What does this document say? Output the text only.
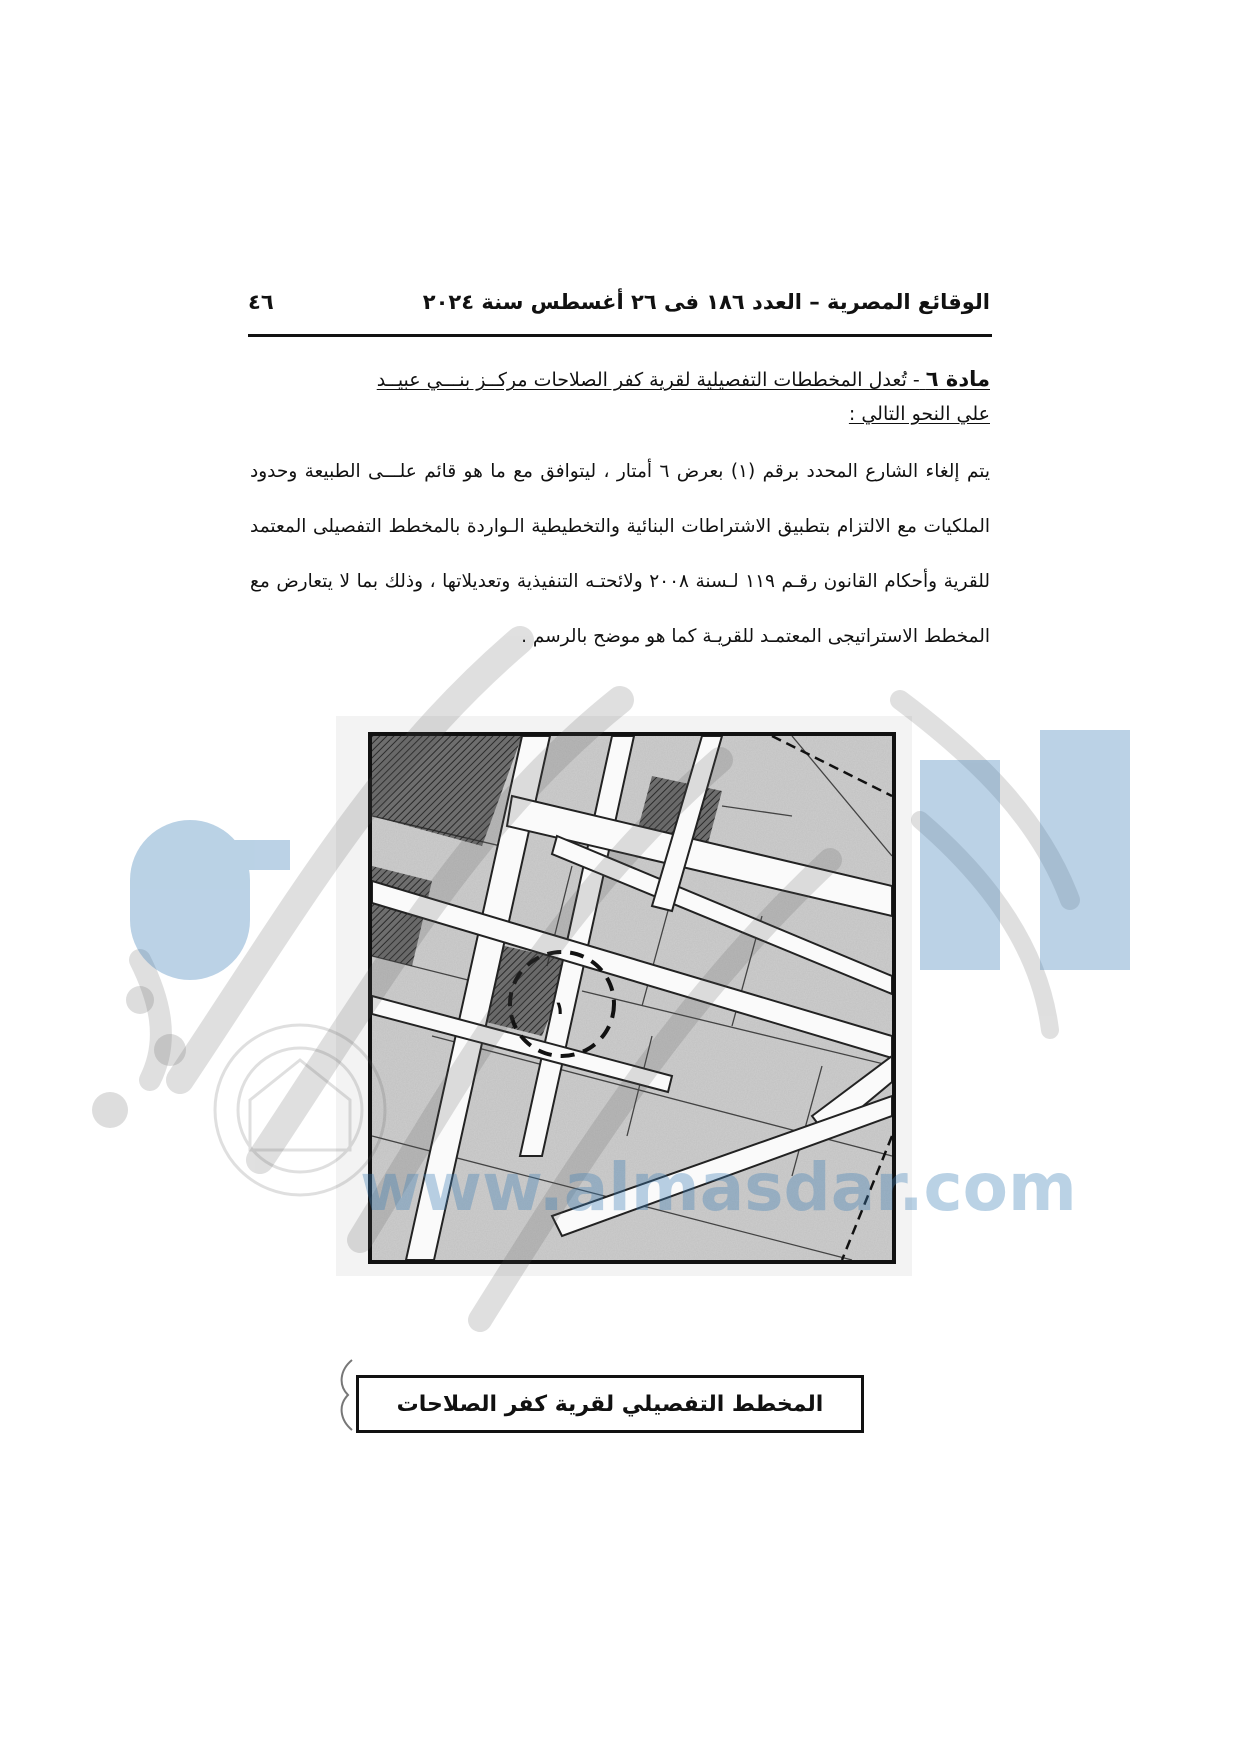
الوقائع المصرية – العدد ١٨٦ فى ٢٦ أغسطس سنة ٢٠٢٤
٤٦
مادة ٦ - تُعدل المخططات التفصيلية لقرية كفر الصلاحات مركــز بنـــي عبيــد
علي النحو التالي :
يتم إلغاء الشارع المحدد برقم (١) بعرض ٦ أمتار ، ليتوافق مع ما هو قائم علـــى الطبيعة وحدود الملكيات مع الالتزام بتطبيق الاشتراطات البنائية والتخطيطية الـواردة بالمخطط التفصيلى المعتمد للقرية وأحكام القانون رقـم ١١٩ لـسنة ٢٠٠٨ ولائحتـه التنفيذية وتعديلاتها ، وذلك بما لا يتعارض مع المخطط الاستراتيجى المعتمـد للقريـة كما هو موضح بالرسم .
١
المخطط التفصيلي لقرية كفر الصلاحات
www.almasdar.com
